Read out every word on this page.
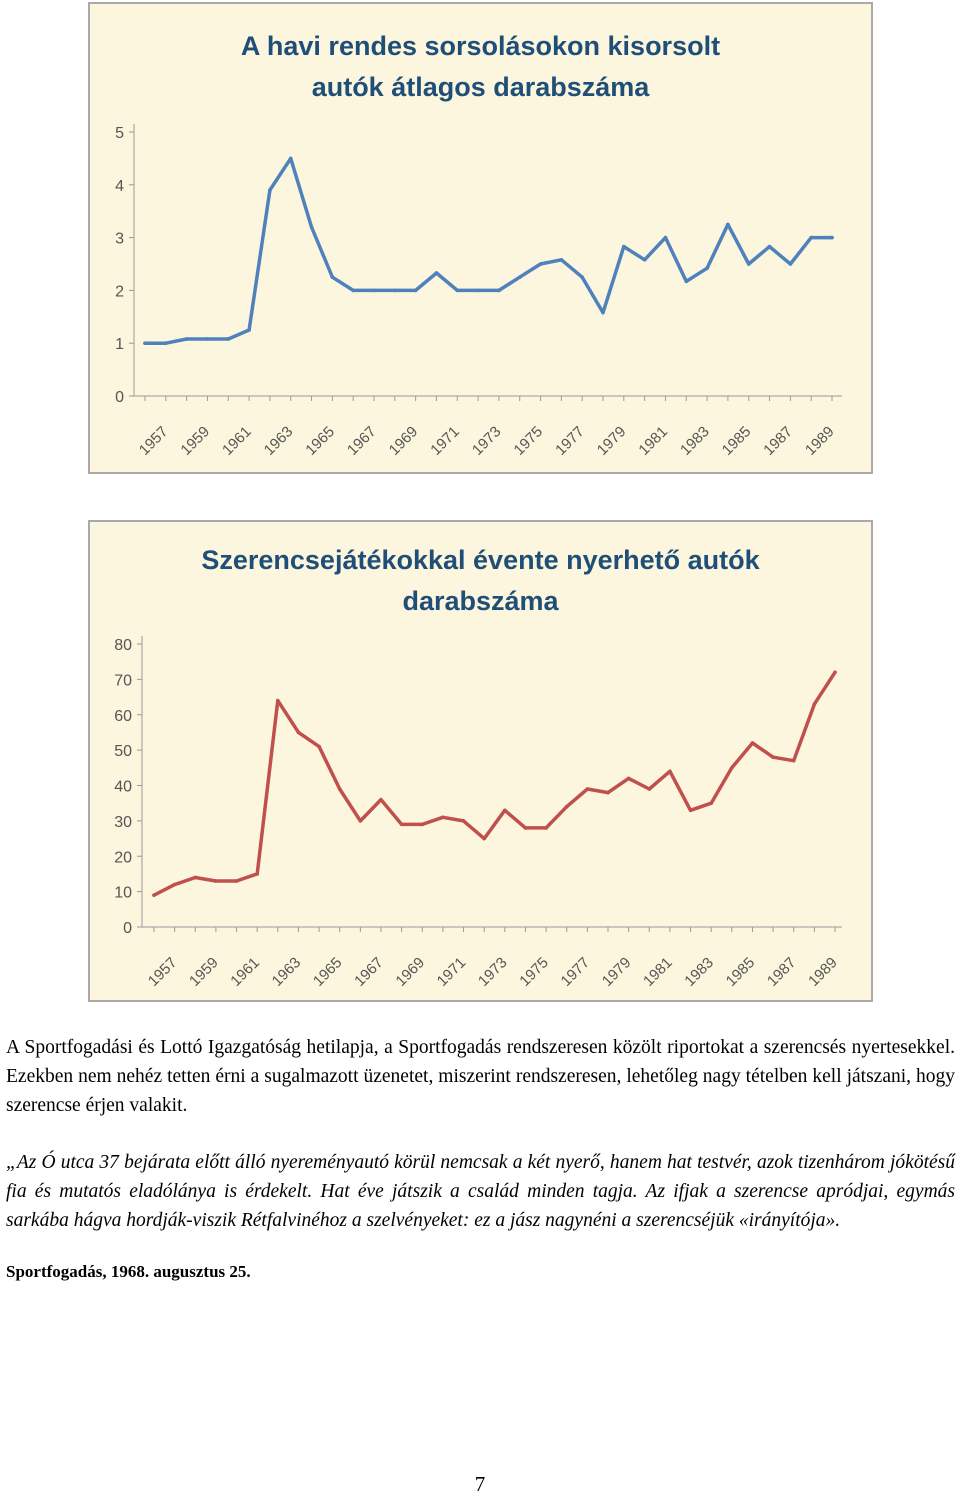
A havi rendes sorsolásokon kisorsolt
autók átlagos darabszáma
0
1
2
3
4
5
1957 1959 1961 1963 1965 1967 1969 1971 1973 1975 1977 1979 1981 1983 1985 1987 1989
Szerencsejátékokkal évente nyerhető autók
darabszáma
0
10
20
30
40
50
60
70
80
1957 1959 1961 1963 1965 1967 1969 1971 1973 1975 1977 1979 1981 1983 1985 1987 1989
A Sportfogadási és Lottó Igazgatóság hetilapja, a Sportfogadás rendszeresen közölt riportokat a szerencsés nyertesekkel. Ezekben nem nehéz tetten érni a sugalmazott üzenetet, miszerint rendszeresen, lehetőleg nagy tételben kell játszani, hogy szerencse érjen valakit.
„Az Ó utca 37 bejárata előtt álló nyereményautó körül nemcsak a két nyerő, hanem hat testvér, azok tizenhárom jókötésű fia és mutatós eladólánya is érdekelt. Hat éve játszik a család minden tagja. Az ifjak a szerencse apródjai, egymás sarkába hágva hordják-viszik Rétfalvinéhoz a szelvényeket: ez a jász nagynéni a szerencséjük «irányítója».
Sportfogadás, 1968. augusztus 25.
7
